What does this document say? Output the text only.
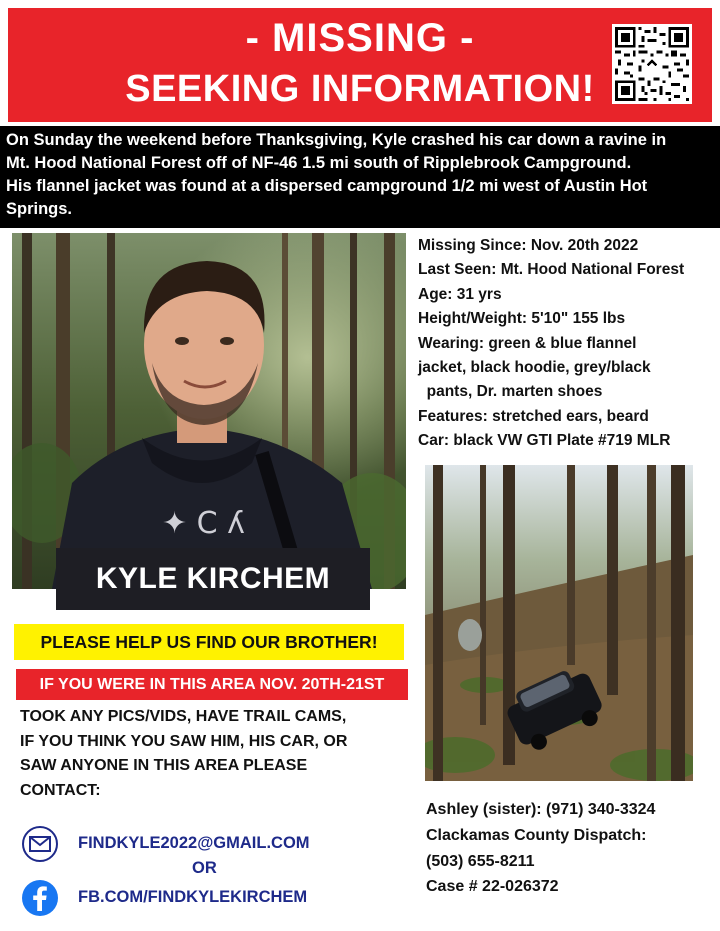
- MISSING -
SEEKING INFORMATION!
On Sunday the weekend before Thanksgiving, Kyle crashed his car down a ravine in
Mt. Hood National Forest off of NF-46 1.5 mi south of Ripplebrook Campground.
His flannel jacket was found at a dispersed campground 1/2 mi west of Austin Hot
Springs.
✦ C ʎ
KYLE KIRCHEM
Missing Since: Nov. 20th 2022
Last Seen: Mt. Hood National Forest
Age: 31 yrs
Height/Weight: 5'10" 155 lbs
Wearing: green & blue flannel
jacket, black hoodie, grey/black
pants, Dr. marten shoes
Features: stretched ears, beard
Car: black VW GTI Plate #719 MLR
PLEASE HELP US FIND OUR BROTHER!
IF YOU WERE IN THIS AREA NOV. 20TH-21ST
TOOK ANY PICS/VIDS, HAVE TRAIL CAMS,
IF YOU THINK YOU SAW HIM, HIS CAR, OR
SAW ANYONE IN THIS AREA PLEASE
CONTACT:
FINDKYLE2022@GMAIL.COM
OR
FB.COM/FINDKYLEKIRCHEM
Ashley (sister): (971) 340-3324
Clackamas County Dispatch:
(503) 655-8211
Case # 22-026372
